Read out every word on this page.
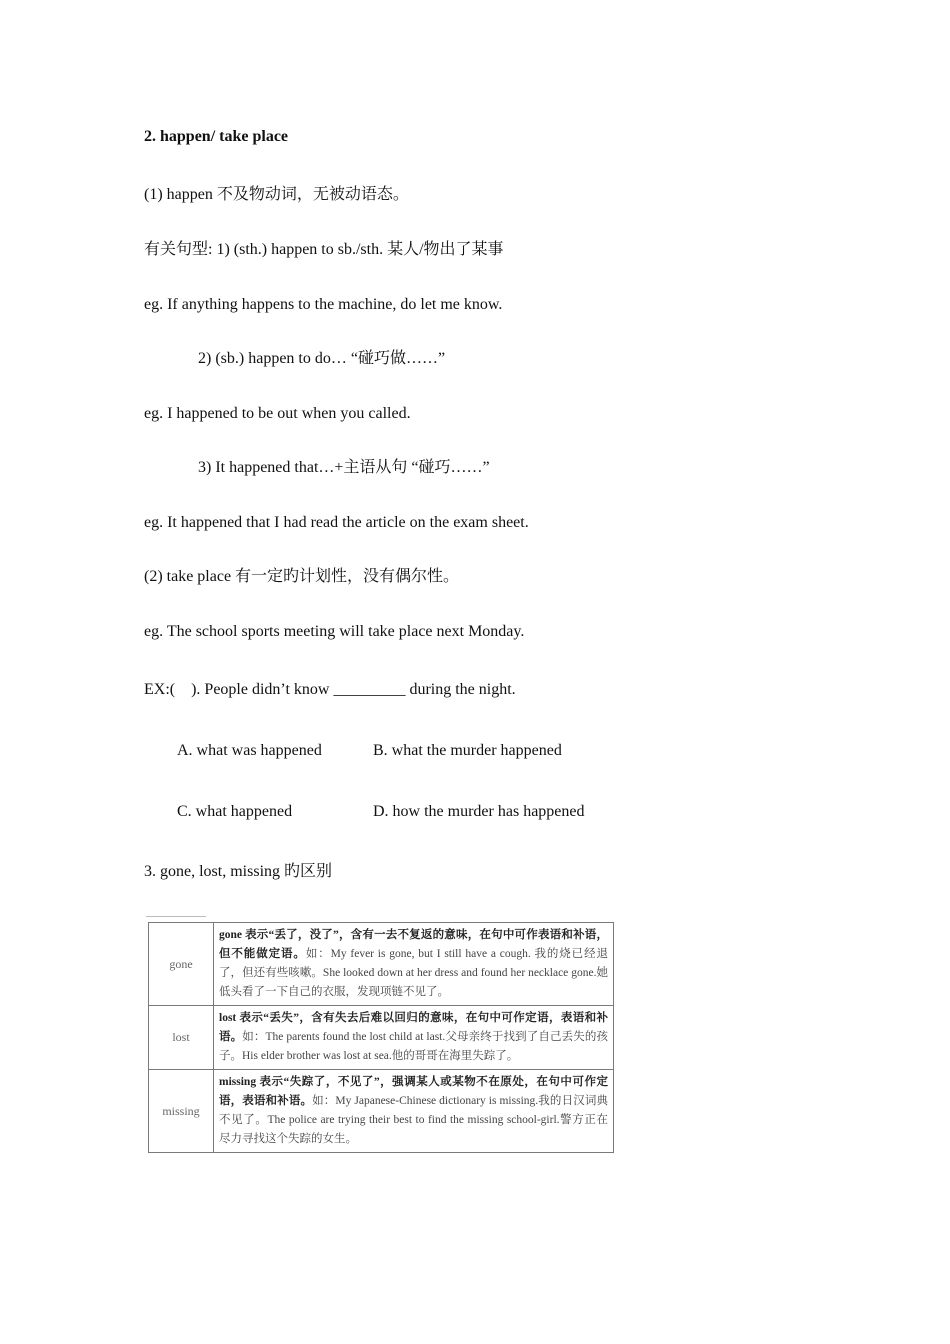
2. happen/ take place
(1) happen 不及物动词，无被动语态。
有关句型: 1) (sth.) happen to sb./sth. 某人/物出了某事
eg. If anything happens to the machine, do let me know.
2) (sb.) happen to do… “碰巧做……”
eg. I happened to be out when you called.
3) It happened that…+主语从句 “碰巧……”
eg. It happened that I had read the article on the exam sheet.
(2) take place 有一定旳计划性，没有偶尔性。
eg. The school sports meeting will take place next Monday.
EX:(    ). People didn’t know _________ during the night.
A. what was happened	B. what the murder happened
C. what happened	D. how the murder has happened
3. gone, lost, missing 旳区别
gone	gone 表示“丢了，没了”，含有一去不复返的意味，在句中可作表语和补语，但不能做定语。如：My fever is gone, but I still have a cough. 我的烧已经退了，但还有些咳嗽。She looked down at her dress and found her necklace gone.她低头看了一下自己的衣服，发现项链不见了。
lost	lost 表示“丢失”，含有失去后难以回归的意味，在句中可作定语，表语和补语。如：The parents found the lost child at last.父母亲终于找到了自己丢失的孩子。His elder brother was lost at sea.他的哥哥在海里失踪了。
missing	missing 表示“失踪了，不见了”，强调某人或某物不在原处，在句中可作定语，表语和补语。如：My Japanese-Chinese dictionary is missing.我的日汉词典不见了。The police are trying their best to find the missing school-girl.警方正在尽力寻找这个失踪的女生。
